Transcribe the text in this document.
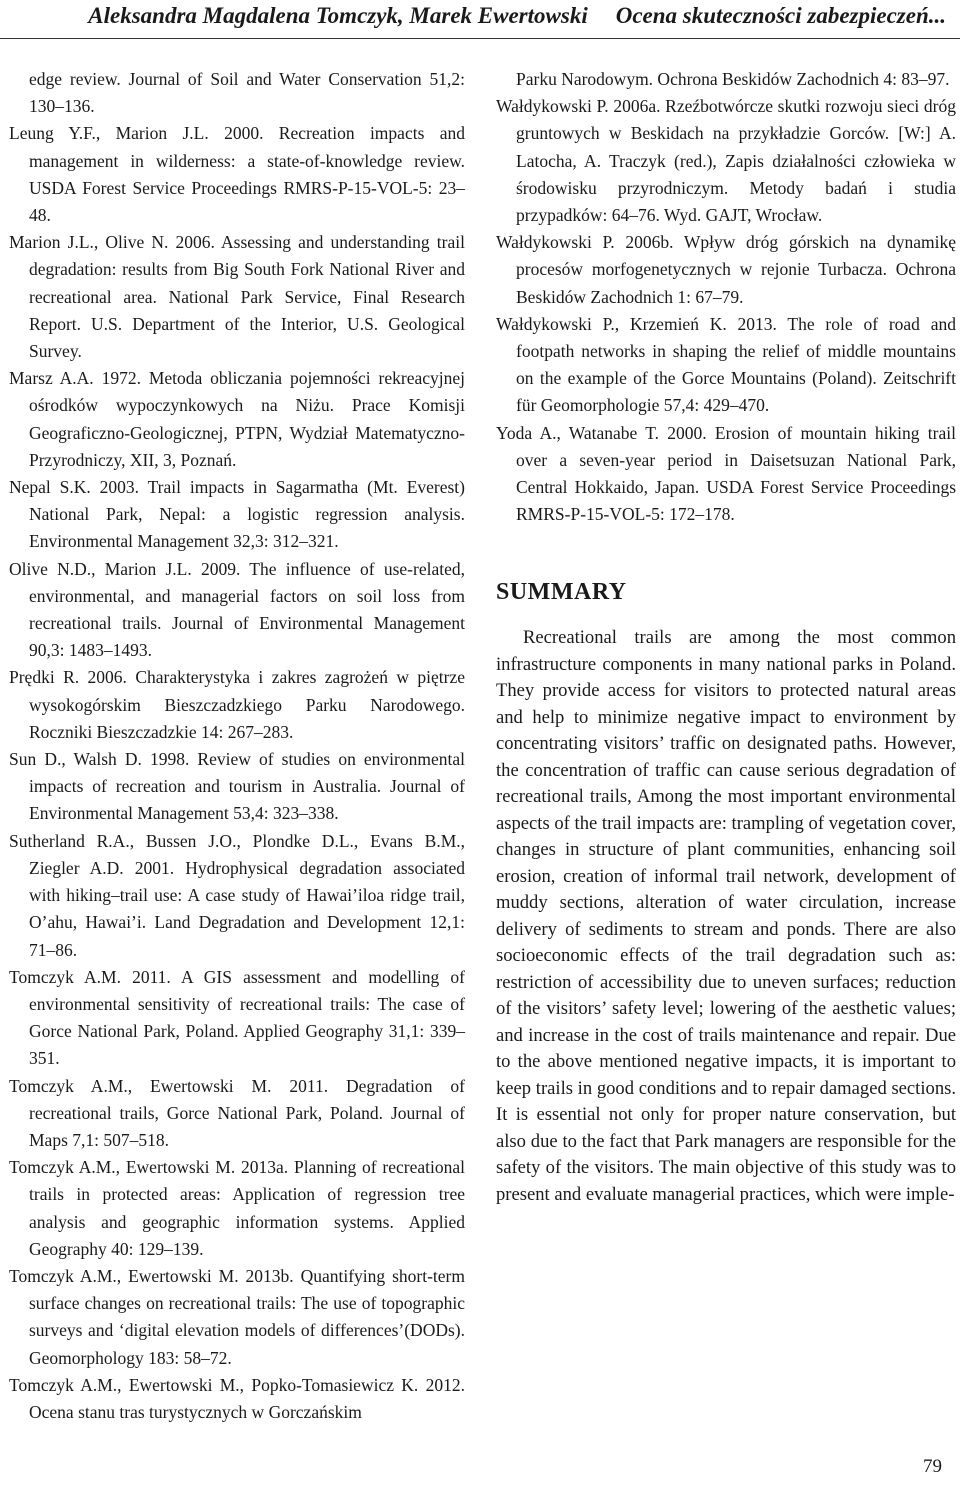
Aleksandra Magdalena Tomczyk, Marek Ewertowski Ocena skuteczności zabezpieczeń...

edge review. Journal of Soil and Water Conservation 51,2: 130–136.

Leung Y.F., Marion J.L. 2000. Recreation impacts and management in wilderness: a state-of-knowledge review. USDA Forest Service Proceedings RMRS-P-15-VOL-5: 23–48.

Marion J.L., Olive N. 2006. Assessing and understanding trail degradation: results from Big South Fork National River and recreational area. National Park Service, Final Research Report. U.S. Department of the Interior, U.S. Geological Survey.

Marsz A.A. 1972. Metoda obliczania pojemności rekreacyjnej ośrodków wypoczynkowych na Niżu. Prace Komisji Geograficzno-Geologicznej, PTPN, Wydział Matematyczno-Przyrodniczy, XII, 3, Poznań.

Nepal S.K. 2003. Trail impacts in Sagarmatha (Mt. Everest) National Park, Nepal: a logistic regression analysis. Environmental Management 32,3: 312–321.

Olive N.D., Marion J.L. 2009. The influence of use-related, environmental, and managerial factors on soil loss from recreational trails. Journal of Environmental Management 90,3: 1483–1493.

Prędki R. 2006. Charakterystyka i zakres zagrożeń w piętrze wysokogórskim Bieszczadzkiego Parku Narodowego. Roczniki Bieszczadzkie 14: 267–283.

Sun D., Walsh D. 1998. Review of studies on environmental impacts of recreation and tourism in Australia. Journal of Environmental Management 53,4: 323–338.

Sutherland R.A., Bussen J.O., Plondke D.L., Evans B.M., Ziegler A.D. 2001. Hydrophysical degradation associated with hiking–trail use: A case study of Hawai’iloa ridge trail, O’ahu, Hawai’i. Land Degradation and Development 12,1: 71–86.

Tomczyk A.M. 2011. A GIS assessment and modelling of environmental sensitivity of recreational trails: The case of Gorce National Park, Poland. Applied Geography 31,1: 339–351.

Tomczyk A.M., Ewertowski M. 2011. Degradation of recreational trails, Gorce National Park, Poland. Journal of Maps 7,1: 507–518.

Tomczyk A.M., Ewertowski M. 2013a. Planning of recreational trails in protected areas: Application of regression tree analysis and geographic information systems. Applied Geography 40: 129–139.

Tomczyk A.M., Ewertowski M. 2013b. Quantifying short-term surface changes on recreational trails: The use of topographic surveys and ‘digital elevation models of differences’(DODs). Geomorphology 183: 58–72.

Tomczyk A.M., Ewertowski M., Popko-Tomasiewicz K. 2012. Ocena stanu tras turystycznych w Gorczańskim

Parku Narodowym. Ochrona Beskidów Zachodnich 4: 83–97.

Wałdykowski P. 2006a. Rzeźbotwórcze skutki rozwoju sieci dróg gruntowych w Beskidach na przykładzie Gorców. [W:] A. Latocha, A. Traczyk (red.), Zapis działalności człowieka w środowisku przyrodniczym. Metody badań i studia przypadków: 64–76. Wyd. GAJT, Wrocław.

Wałdykowski P. 2006b. Wpływ dróg górskich na dynamikę procesów morfogenetycznych w rejonie Turbacza. Ochrona Beskidów Zachodnich 1: 67–79.

Wałdykowski P., Krzemień K. 2013. The role of road and footpath networks in shaping the relief of middle mountains on the example of the Gorce Mountains (Poland). Zeitschrift für Geomorphologie 57,4: 429–470.

Yoda A., Watanabe T. 2000. Erosion of mountain hiking trail over a seven-year period in Daisetsuzan National Park, Central Hokkaido, Japan. USDA Forest Service Proceedings RMRS-P-15-VOL-5: 172–178.

SUMMARY

Recreational trails are among the most common infrastructure components in many national parks in Poland. They provide access for visitors to protected natural areas and help to minimize negative impact to environment by concentrating visitors’ traffic on designated paths. However, the concentration of traffic can cause serious degradation of recreational trails, Among the most important environmental aspects of the trail impacts are: trampling of vegetation cover, changes in structure of plant communities, enhancing soil erosion, creation of informal trail network, development of muddy sections, alteration of water circulation, increase delivery of sediments to stream and ponds. There are also socioeconomic effects of the trail degradation such as: restriction of accessibility due to uneven surfaces; reduction of the visitors’ safety level; lowering of the aesthetic values; and increase in the cost of trails maintenance and repair. Due to the above mentioned negative impacts, it is important to keep trails in good conditions and to repair damaged sections. It is essential not only for proper nature conservation, but also due to the fact that Park managers are responsible for the safety of the visitors. The main objective of this study was to present and evaluate managerial practices, which were imple-

79
